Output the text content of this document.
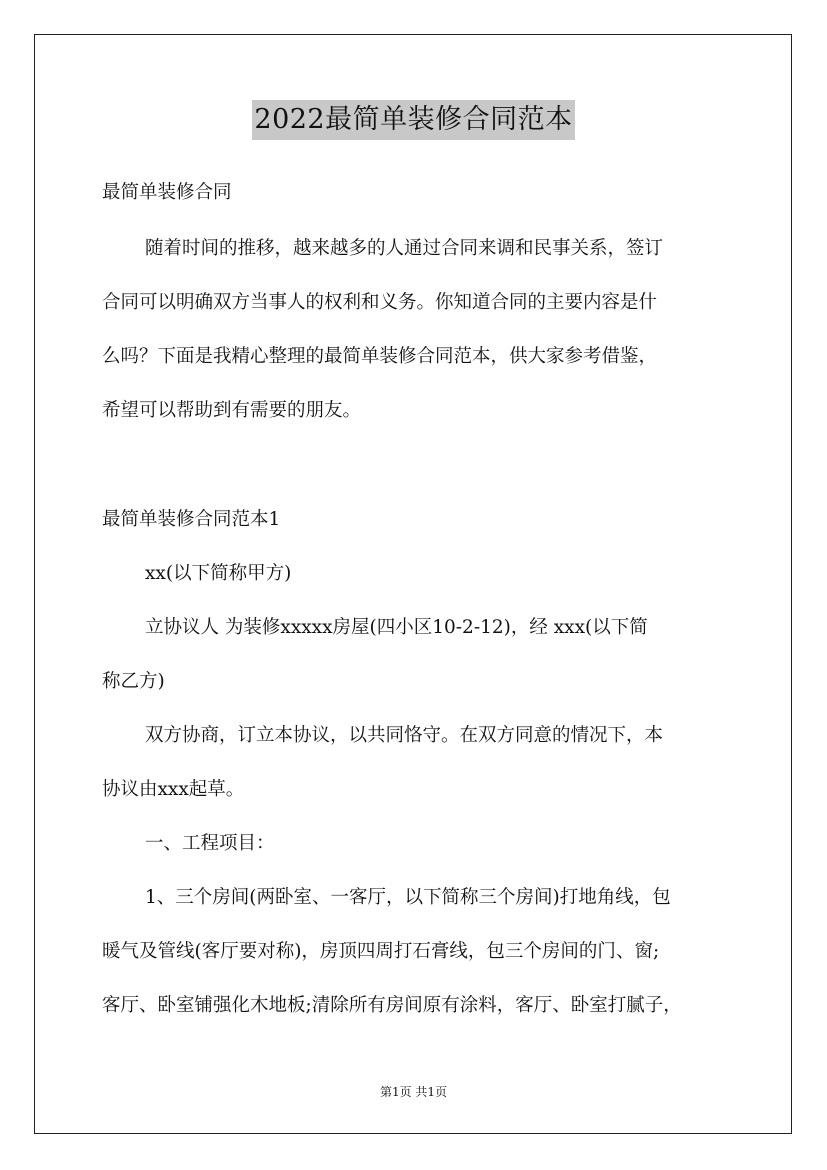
2022最简单装修合同范本
最简单装修合同
随着时间的推移，越来越多的人通过合同来调和民事关系，签订
合同可以明确双方当事人的权利和义务。你知道合同的主要内容是什
么吗？下面是我精心整理的最简单装修合同范本，供大家参考借鉴，
希望可以帮助到有需要的朋友。
最简单装修合同范本1
xx(以下简称甲方)
立协议人 为装修xxxxx房屋(四小区10-2-12)，经 xxx(以下简
称乙方)
双方协商，订立本协议，以共同恪守。在双方同意的情况下，本
协议由xxx起草。
一、工程项目：
1、三个房间(两卧室、一客厅，以下简称三个房间)打地角线，包
暖气及管线(客厅要对称)，房顶四周打石膏线，包三个房间的门、窗;
客厅、卧室铺强化木地板;清除所有房间原有涂料，客厅、卧室打腻子，
第1页 共1页
